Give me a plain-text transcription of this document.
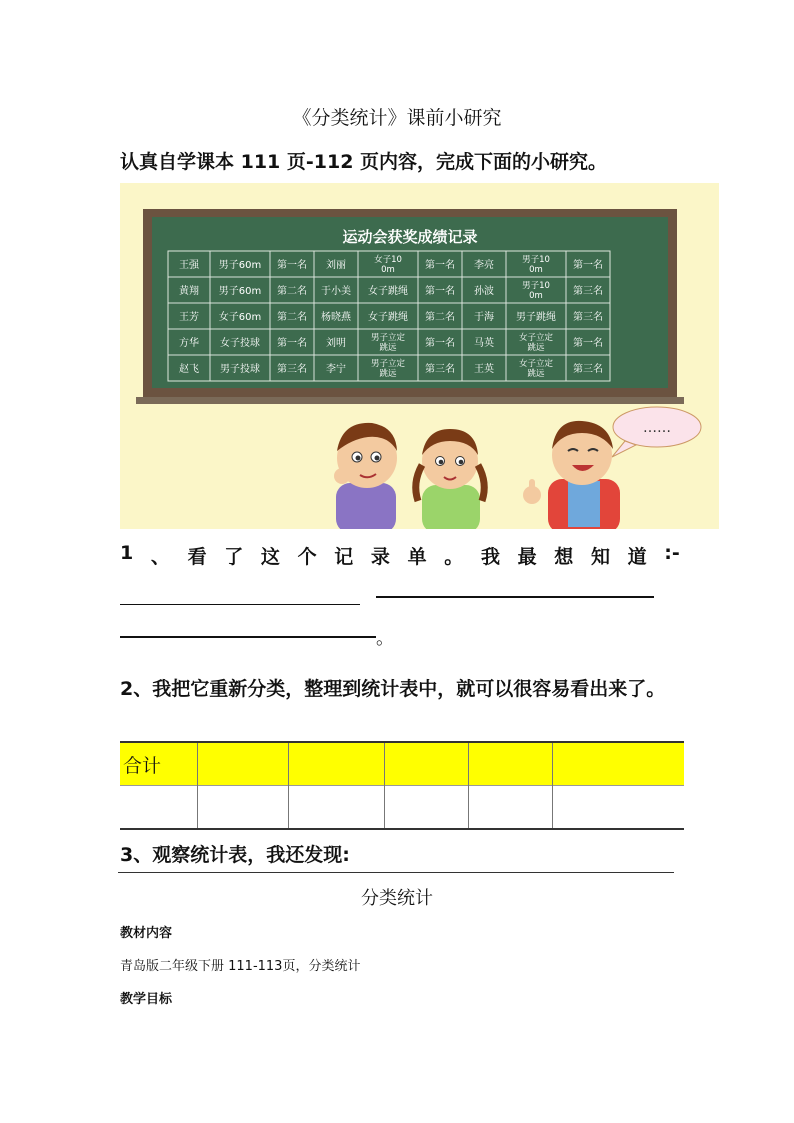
《分类统计》课前小研究
认真自学课本 111 页-112 页内容，完成下面的小研究。
运动会获奖成绩记录
王强 男子60m 第一名 刘丽	女子10 0m	第一名 李亮	男子10 0m	第一名
黄翔 男子60m 第二名 于小美 女子跳绳 第一名 孙波	男子10 0m	第三名
王芳 女子60m 第二名 杨晓燕 女子跳绳 第二名 于海 男子跳绳 第三名
方华 女子投球 第一名 刘明	男子立定跳远	第一名 马英	女子立定跳远	第一名
赵飞 男子投球 第三名 李宁	男子立定跳远	第三名 王英	女子立定跳远	第三名
……
1 、 看 了 这 个 记 录 单 。 我 最 想 知 道 :-
。
2、我把它重新分类，整理到统计表中，就可以很容易看出来了。
合计					

3、观察统计表，我还发现:
分类统计
教材内容
青岛版二年级下册 111-113页，分类统计
教学目标
